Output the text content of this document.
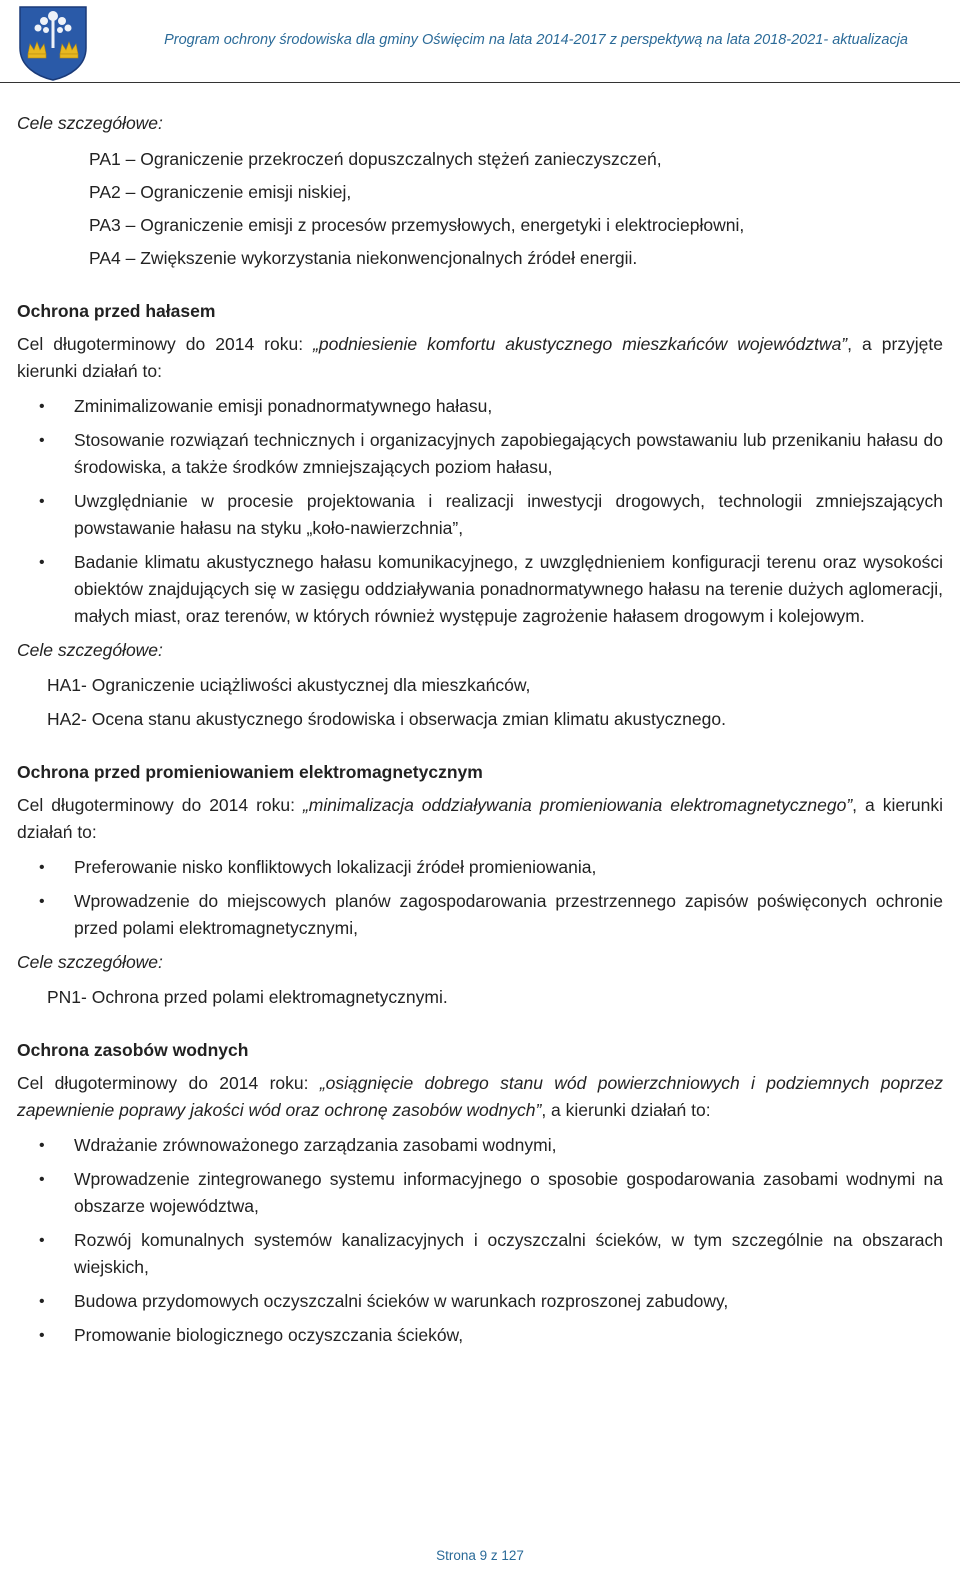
Program ochrony środowiska dla gminy Oświęcim na lata 2014-2017 z perspektywą na lata 2018-2021- aktualizacja

Cele szczegółowe:

PA1 – Ograniczenie przekroczeń dopuszczalnych stężeń zanieczyszczeń,
PA2 – Ograniczenie emisji niskiej,
PA3 – Ograniczenie emisji z procesów przemysłowych, energetyki i elektrociepłowni,
PA4 – Zwiększenie wykorzystania niekonwencjonalnych źródeł energii.

Ochrona przed hałasem

Cel długoterminowy do 2014 roku: „podniesienie komfortu akustycznego mieszkańców województwa”, a przyjęte kierunki działań to:

• Zminimalizowanie emisji ponadnormatywnego hałasu,
• Stosowanie rozwiązań technicznych i organizacyjnych zapobiegających powstawaniu lub przenikaniu hałasu do środowiska, a także środków zmniejszających poziom hałasu,
• Uwzględnianie w procesie projektowania i realizacji inwestycji drogowych, technologii zmniejszających powstawanie hałasu na styku „koło-nawierzchnia”,
• Badanie klimatu akustycznego hałasu komunikacyjnego, z uwzględnieniem konfiguracji terenu oraz wysokości obiektów znajdujących się w zasięgu oddziaływania ponadnormatywnego hałasu na terenie dużych aglomeracji, małych miast, oraz terenów, w których również występuje zagrożenie hałasem drogowym i kolejowym.

Cele szczegółowe:

HA1- Ograniczenie uciążliwości akustycznej dla mieszkańców,
HA2- Ocena stanu akustycznego środowiska i obserwacja zmian klimatu akustycznego.

Ochrona przed promieniowaniem elektromagnetycznym

Cel długoterminowy do 2014 roku: „minimalizacja oddziaływania promieniowania elektromagnetycznego”, a kierunki działań to:

• Preferowanie nisko konfliktowych lokalizacji źródeł promieniowania,
• Wprowadzenie do miejscowych planów zagospodarowania przestrzennego zapisów poświęconych ochronie przed polami elektromagnetycznymi,

Cele szczegółowe:

PN1- Ochrona przed polami elektromagnetycznymi.

Ochrona zasobów wodnych

Cel długoterminowy do 2014 roku: „osiągnięcie dobrego stanu wód powierzchniowych i podziemnych poprzez zapewnienie poprawy jakości wód oraz ochronę zasobów wodnych”, a kierunki działań to:

• Wdrażanie zrównoważonego zarządzania zasobami wodnymi,
• Wprowadzenie zintegrowanego systemu informacyjnego o sposobie gospodarowania zasobami wodnymi na obszarze województwa,
• Rozwój komunalnych systemów kanalizacyjnych i oczyszczalni ścieków, w tym szczególnie na obszarach wiejskich,
• Budowa przydomowych oczyszczalni ścieków w warunkach rozproszonej zabudowy,
• Promowanie biologicznego oczyszczania ścieków,
Strona 9 z 127
